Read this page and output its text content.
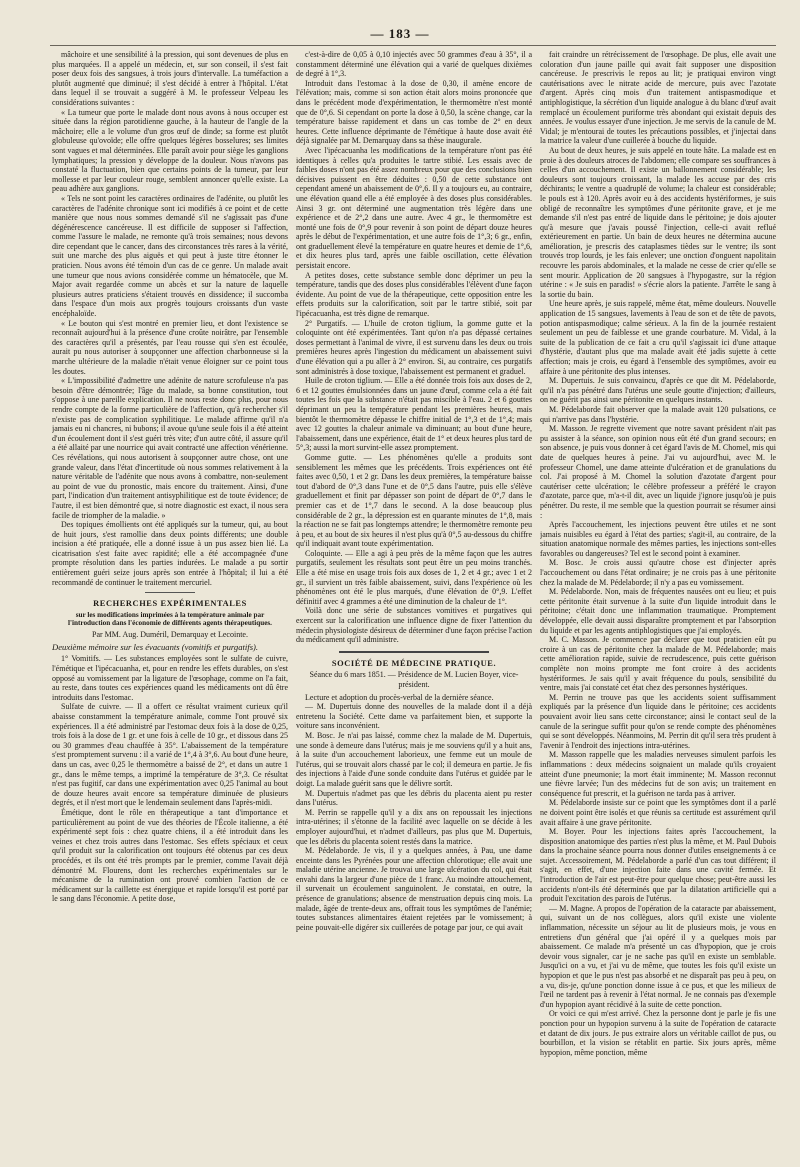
— 183 —

mâchoire et une sensibilité à la pression, qui sont devenues de plus en plus marquées. Il a appelé un médecin, et, sur son conseil, il s'est fait poser deux fois des sangsues, à trois jours d'intervalle. La tuméfaction a plutôt augmenté que diminué; il s'est décidé à entrer à l'hôpital. L'état dans lequel il se trouvait a suggéré à M. le professeur Velpeau les considérations suivantes :

« La tumeur que porte le malade dont nous avons à nous occuper est située dans la région parotidienne gauche, à la hauteur de l'angle de la mâchoire; elle a le volume d'un gros œuf de dinde; sa forme est plutôt globuleuse qu'ovoïde; elle offre quelques légères bosselures; ses limites sont vagues et mal déterminées. Elle paraît avoir pour siège les ganglions lymphatiques; la pression y développe de la douleur. Nous n'avons pas constaté la fluctuation, bien que certains points de la tumeur, par leur mollesse et par leur couleur rouge, semblent annoncer qu'elle existe. La peau adhère aux ganglions.

« Tels ne sont point les caractères ordinaires de l'adénite, ou plutôt les caractères de l'adénite chronique sont ici modifiés à ce point et de cette manière que nous nous sommes demandé s'il ne s'agissait pas d'une dégénérescence cancéreuse. Il est difficile de supposer si l'affection, comme l'assure le malade, ne remonte qu'à trois semaines; nous devons dire cependant que le cancer, dans des circonstances très rares à la vérité, suit une marche des plus aiguës et qui peut à juste titre étonner le praticien. Nous avons été témoin d'un cas de ce genre. Un malade avait une tumeur que nous avions considérée comme un hématocèle, que M. Major avait regardée comme un abcès et sur la nature de laquelle plusieurs autres praticiens s'étaient trouvés en dissidence; il succomba dans l'espace d'un mois aux progrès toujours croissants d'un vaste encéphaloïde.

« Le bouton qui s'est montré en premier lieu, et dont l'existence se reconnaît aujourd'hui à la présence d'une croûte noirâtre, par l'ensemble des caractères qu'il a présentés, par l'eau rousse qui s'en est écoulée, aurait pu nous autoriser à soupçonner une affection charbonneuse si la marche ultérieure de la maladie n'était venue éloigner sur ce point tous les doutes.

« L'impossibilité d'admettre une adénite de nature scrofuleuse n'a pas besoin d'être démontrée; l'âge du malade, sa bonne constitution, tout s'oppose à une pareille explication. Il ne nous reste donc plus, pour nous rendre compte de la forme particulière de l'affection, qu'à rechercher s'il n'existe pas de complication syphilitique. Le malade affirme qu'il n'a jamais eu ni chancres, ni bubons; il avoue qu'une seule fois il a été atteint d'un écoulement dont il s'est guéri très vite; d'un autre côté, il assure qu'il a été allaité par une nourrice qui avait contracté une affection vénérienne. Ces révélations, qui nous autorisent à soupçonner autre chose, ont une grande valeur, dans l'état d'incertitude où nous sommes relativement à la nature véritable de l'adénite que nous avons à combattre, non-seulement au point de vue du pronostic, mais encore du traitement. Ainsi, d'une part, l'indication d'un traitement antisyphilitique est de toute évidence; de l'autre, il est bien démontré que, si notre diagnostic est exact, il nous sera facile de triompher de la maladie. »

Des topiques émollients ont été appliqués sur la tumeur, qui, au bout de huit jours, s'est ramollie dans deux points différents; une double incision a été pratiquée, elle a donné issue à un pus assez bien lié. La cicatrisation s'est faite avec rapidité; elle a été accompagnée d'une prompte résolution dans les parties indurées. Le malade a pu sortir entièrement guéri seize jours après son entrée à l'hôpital; il lui a été recommandé de continuer le traitement mercuriel.

RECHERCHES EXPÉRIMENTALES
sur les modifications imprimées à la température animale par l'introduction dans l'économie de différents agents thérapeutiques.
Par MM. Aug. Duméril, Demarquay et Lecointe.
Deuxième mémoire sur les évacuants (vomitifs et purgatifs).

1° Vomitifs. — Les substances employées sont le sulfate de cuivre, l'émétique et l'ipécacuanha, et, pour en rendre les effets durables, on s'est opposé au vomissement par la ligature de l'œsophage, comme on l'a fait, au reste, dans toutes ces expériences quand les médicaments ont dû être introduits dans l'estomac.

Sulfate de cuivre. — Il a offert ce résultat vraiment curieux qu'il abaisse constamment la température animale, comme l'ont prouvé six expériences. Il a été administré par l'estomac deux fois à la dose de 0,25, trois fois à la dose de 1 gr. et une fois à celle de 10 gr., et dissous dans 25 ou 30 grammes d'eau chauffée à 35°. L'abaissement de la température s'est promptement survenu : il a varié de 1°,4 à 3°,6. Au bout d'une heure, dans un cas, avec 0,25 le thermomètre a baissé de 2°, et dans un autre 1 gr., dans le même temps, a imprimé la température de 3°,3. Ce résultat n'est pas fugitif, car dans une expérimentation avec 0,25 l'animal au bout de douze heures avait encore sa température diminuée de plusieurs degrés, et il n'est mort que le lendemain seulement dans l'après-midi.

Émétique, dont le rôle en thérapeutique a tant d'importance et particulièrement au point de vue des théories de l'École italienne, a été expérimenté sept fois : chez quatre chiens, il a été introduit dans les veines et chez trois autres dans l'estomac. Ses effets spéciaux et ceux qu'il produit sur la calorification ont toujours été obtenus par ces deux procédés, et ils ont été très prompts par le premier, comme l'avait déjà démontré M. Flourens, dont les recherches expérimentales sur le mécanisme de la rumination ont prouvé combien l'action de ce médicament sur la caillette est énergique et rapide lorsqu'il est porté par le sang dans l'économie. A petite dose,

c'est-à-dire de 0,05 à 0,10 injectés avec 50 grammes d'eau à 35°, il a constamment déterminé une élévation qui a varié de quelques dixièmes de degré à 1°,3.

Introduit dans l'estomac à la dose de 0,30, il amène encore de l'élévation; mais, comme si son action était alors moins prononcée que dans le précédent mode d'expérimentation, le thermomètre n'est monté que de 0°,6. Si cependant on porte la dose à 0,50, la scène change, car la température baisse rapidement et dans un cas tombe de 2° en deux heures. Cette influence déprimante de l'émétique à haute dose avait été déjà signalée par M. Demarquay dans sa thèse inaugurale.

Avec l'ipécacuanha les modifications de la température n'ont pas été identiques à celles qu'a produites le tartre stibié. Les essais avec de faibles doses n'ont pas été assez nombreux pour que des conclusions bien décisives puissent en être déduites : 0,50 de cette substance ont cependant amené un abaissement de 0°,6. Il y a toujours eu, au contraire, une élévation quand elle a été employée à des doses plus considérables. Ainsi 3 gr. ont déterminé une augmentation très légère dans une expérience et de 2°,2 dans une autre. Avec 4 gr., le thermomètre est monté une fois de 0°,9 pour revenir à son point de départ douze heures après le début de l'expérimentation, et une autre fois de 1°,3; 6 gr., enfin, ont graduellement élevé la température en quatre heures et demie de 1°,6, et dix heures plus tard, après une faible oscillation, cette élévation persistait encore.

A petites doses, cette substance semble donc déprimer un peu la température, tandis que des doses plus considérables l'élèvent d'une façon évidente. Au point de vue de la thérapeutique, cette opposition entre les effets produits sur la calorification, soit par le tartre stibié, soit par l'ipécacuanha, est très digne de remarque.

2° Purgatifs. — L'huile de croton tiglium, la gomme gutte et la coloquinte ont été expérimentées. Tant qu'on n'a pas dépassé certaines doses permettant à l'animal de vivre, il est survenu dans les deux ou trois premières heures après l'ingestion du médicament un abaissement suivi d'une élévation qui a pu aller à 2° environ. Si, au contraire, ces purgatifs sont administrés à dose toxique, l'abaissement est permanent et graduel.

Huile de croton tiglium. — Elle a été donnée trois fois aux doses de 2, 6 et 12 gouttes émulsionnées dans un jaune d'œuf, comme cela a été fait toutes les fois que la substance n'était pas miscible à l'eau. 2 et 6 gouttes déprimant un peu la température pendant les premières heures, mais bientôt le thermomètre dépasse le chiffre initial de 1°,3 et de 1°,4; mais avec 12 gouttes la chaleur animale va diminuant; au bout d'une heure, l'abaissement, dans une expérience, était de 1° et deux heures plus tard de 5°,3; aussi la mort survint-elle assez promptement.

Gomme gutte. — Les phénomènes qu'elle a produits sont sensiblement les mêmes que les précédents. Trois expériences ont été faites avec 0,50, 1 et 2 gr. Dans les deux premières, la température baisse tout d'abord de 0°,3 dans l'une et de 0°,5 dans l'autre, puis elle s'élève graduellement et finit par dépasser son point de départ de 0°,7 dans le premier cas et de 1°,7 dans le second. A la dose beaucoup plus considérable de 2 gr., la dépression est en quarante minutes de 1°,8, mais la réaction ne se fait pas longtemps attendre; le thermomètre remonte peu à peu, et au bout de six heures il n'est plus qu'à 0°,5 au-dessous du chiffre qu'il indiquait avant toute expérimentation.

Coloquinte. — Elle a agi à peu près de la même façon que les autres purgatifs, seulement les résultats sont peut être un peu moins tranchés. Elle a été mise en usage trois fois aux doses de 1, 2 et 4 gr.; avec 1 et 2 gr., il survient un très faible abaissement, suivi, dans l'expérience où les phénomènes ont été le plus marqués, d'une élévation de 0°,9. L'effet définitif avec 4 grammes a été une diminution de la chaleur de 1°.

Voilà donc une série de substances vomitives et purgatives qui exercent sur la calorification une influence digne de fixer l'attention du médecin physiologiste désireux de déterminer d'une façon précise l'action du médicament qu'il administre.

SOCIÉTÉ DE MÉDECINE PRATIQUE.
Séance du 6 mars 1851. — Présidence de M. Lucien Boyer, vice-président.

Lecture et adoption du procès-verbal de la dernière séance.

— M. Dupertuis donne des nouvelles de la malade dont il a déjà entretenu la Société. Cette dame va parfaitement bien, et supporte la voiture sans inconvénient.

M. Bosc. Je n'ai pas laissé, comme chez la malade de M. Dupertuis, une sonde à demeure dans l'utérus; mais je me souviens qu'il y a huit ans, à la suite d'un accouchement laborieux, une femme eut un moule de l'utérus, qui se trouvait alors chassé par le col; il demeura en partie. Je fis des injections à l'aide d'une sonde conduite dans l'utérus et guidée par le doigt. La malade guérit sans que le délivre sortît.

M. Dupertuis n'admet pas que les débris du placenta aient pu rester dans l'utérus.

M. Perrin se rappelle qu'il y a dix ans on repoussait les injections intra-utérines; il s'étonne de la facilité avec laquelle on se décide à les employer aujourd'hui, et n'admet d'ailleurs, pas plus que M. Dupertuis, que les débris du placenta soient restés dans la matrice.

M. Pédelaborde. Je vis, il y a quelques années, à Pau, une dame enceinte dans les Pyrénées pour une affection chlorotique; elle avait une maladie utérine ancienne. Je trouvai une large ulcération du col, qui était envahi dans la largeur d'une pièce de 1 franc. Au moindre attouchement, il survenait un écoulement sanguinolent. Je constatai, en outre, la présence de granulations; absence de menstruation depuis cinq mois. La malade, âgée de trente-deux ans, offrait tous les symptômes de l'anémie; toutes substances alimentaires étaient rejetées par le vomissement; à peine pouvait-elle digérer six cuillerées de potage par jour, ce qui avait

fait craindre un rétrécissement de l'œsophage. De plus, elle avait une coloration d'un jaune paille qui avait fait supposer une disposition cancéreuse. Je prescrivis le repos au lit; je pratiquai environ vingt cautérisations avec le nitrate acide de mercure, puis avec l'azotate d'argent. Après cinq mois d'un traitement antispasmodique et antiphlogistique, la sécrétion d'un liquide analogue à du blanc d'œuf avait remplacé un écoulement puriforme très abondant qui existait depuis des années. Je voulus essayer d'une injection. Je me servis de la canule de M. Vidal; je m'entourai de toutes les précautions possibles, et j'injectai dans la matrice la valeur d'une cuillerée à bouche du liquide.

Au bout de deux heures, je suis appelé en toute hâte. La malade est en proie à des douleurs atroces de l'abdomen; elle compare ses souffrances à celles d'un accouchement. Il existe un ballonnement considérable; les douleurs sont toujours croissant, la malade les accuse par des cris déchirants; le ventre a quadruplé de volume; la chaleur est considérable; le pouls est à 120. Après avoir eu à des accidents hystériformes, je suis obligé de reconnaître les symptômes d'une péritonite grave, et je me demande s'il n'est pas entré de liquide dans le péritoine; je dois ajouter qu'à mesure que j'avais poussé l'injection, celle-ci avait reflué extérieurement en partie. Un bain de deux heures ne détermina aucune amélioration, je prescris des cataplasmes tièdes sur le ventre; ils sont trouvés trop lourds, je les fais enlever; une onction d'onguent napolitain recouvre les parois abdominales, et la malade ne cesse de crier qu'elle se sent mourir. Application de 20 sangsues à l'hypogastre, sur la région utérine : « Je suis en paradis! » s'écrie alors la patiente. J'arrête le sang à la sortie du bain.

Une heure après, je suis rappelé, même état, même douleurs. Nouvelle application de 15 sangsues, lavements à l'eau de son et de tête de pavots, potion antispasmodique; calme sérieux. A la fin de la journée restaient seulement un peu de faiblesse et une grande courbature. M. Vidal, à la suite de la publication de ce fait a cru qu'il s'agissait ici d'une attaque d'hystérie, d'autant plus que ma malade avait été jadis sujette à cette affection; mais je crois, eu égard à l'ensemble des symptômes, avoir eu affaire à une péritonite des plus intenses.

M. Dupertuis. Je suis convaincu, d'après ce que dit M. Pédelaborde, qu'il n'a pas pénétré dans l'utérus une seule goutte d'injection; d'ailleurs, on ne guérit pas ainsi une péritonite en quelques instants.

M. Pédelaborde fait observer que la malade avait 120 pulsations, ce qui n'arrive pas dans l'hystérie.

M. Masson. Je regrette vivement que notre savant président n'ait pas pu assister à la séance, son opinion nous eût été d'un grand secours; en son absence, je puis vous donner à cet égard l'avis de M. Chomel, mis qui date de quelques heures à peine. J'ai vu aujourd'hui, avec M. le professeur Chomel, une dame atteinte d'ulcération et de granulations du col. J'ai proposé à M. Chomel la solution d'azotate d'argent pour cautériser cette ulcération; le célèbre professeur a préféré le crayon d'azotate, parce que, m'a-t-il dit, avec un liquide j'ignore jusqu'où je puis pénétrer. Du reste, il me semble que la question pourrait se résumer ainsi :

Après l'accouchement, les injections peuvent être utiles et ne sont jamais nuisibles eu égard à l'état des parties; s'agit-il, au contraire, de la situation anatomique normale des mêmes parties, les injections sont-elles favorables ou dangereuses? Tel est le second point à examiner.

M. Bosc. Je crois aussi qu'autre chose est d'injecter après l'accouchement ou dans l'état ordinaire; je ne crois pas à une péritonite chez la malade de M. Pédelaborde; il n'y a pas eu vomissement.

M. Pédelaborde. Non, mais de fréquentes nausées ont eu lieu; et puis cette péritonite était survenue à la suite d'un liquide introduit dans le péritoine; c'était donc une inflammation traumatique. Promptement développée, elle devait aussi disparaître promptement et par l'absorption du liquide et par les agents antiphlogistiques que j'ai employés.

M. C. Masson. Je commence par déclarer que tout praticien eût pu croire à un cas de péritonite chez la malade de M. Pédelaborde; mais cette amélioration rapide, suivie de recrudescence, puis cette guérison complète non moins prompte me font croire à des accidents hystériformes. Je sais qu'il y avait fréquence du pouls, sensibilité du ventre, mais j'ai constaté cet état chez des personnes hystériques.

M. Perrin ne trouve pas que les accidents soient suffisamment expliqués par la présence d'un liquide dans le péritoine; ces accidents pouvaient avoir lieu sans cette circonstance; ainsi le contact seul de la canule de la seringue suffit pour qu'on se rende compte des phénomènes qui se sont développés. Néanmoins, M. Perrin dit qu'il sera très prudent à l'avenir à l'endroit des injections intra-utérines.

M. Masson rappelle que les maladies nerveuses simulent parfois les inflammations : deux médecins soignaient un malade qu'ils croyaient atteint d'une pneumonie; la mort était imminente; M. Masson reconnut une fièvre larvée; l'un des médecins fut de son avis; un traitement en conséquence fut prescrit, et la guérison ne tarda pas à arriver.

M. Pédelaborde insiste sur ce point que les symptômes dont il a parlé ne doivent point être isolés et que réunis sa certitude est assurément qu'il avait affaire à une grave péritonite.

M. Boyer. Pour les injections faites après l'accouchement, la disposition anatomique des parties n'est plus la même, et M. Paul Dubois dans la prochaine séance pourra nous donner d'utiles enseignements à ce sujet. Accessoirement, M. Pédelaborde a parlé d'un cas tout différent; il s'agit, en effet, d'une injection faite dans une cavité fermée. Et l'introduction de l'air est peut-être pour quelque chose; peut-être aussi les accidents n'ont-ils été déterminés que par la dilatation artificielle qui a produit l'excitation des parois de l'utérus.

— M. Magne. A propos de l'opération de la cataracte par abaissement, qui, suivant un de nos collègues, alors qu'il existe une violente inflammation, nécessite un séjour au lit de plusieurs mois, je vous en entretiens d'un général que j'ai opéré il y a quelques mois par abaissement. Ce malade m'a présenté un cas d'hypopion, que je crois devoir vous signaler, car je ne sache pas qu'il en existe un semblable. Jusqu'ici on a vu, et j'ai vu de même, que toutes les fois qu'il existe un hypopion et que le pus n'est pas absorbé et ne disparaît pas peu à peu, on a vu, dis-je, qu'une ponction donne issue à ce pus, et que les milieux de l'œil ne tardent pas à revenir à l'état normal. Je ne connais pas d'exemple d'un hypopion ayant récidivé à la suite de cette ponction.

Or voici ce qui m'est arrivé. Chez la personne dont je parle je fis une ponction pour un hypopion survenu à la suite de l'opération de cataracte et datant de dix jours. Je pus extraire alors un véritable caillot de pus, ou bourbillon, et la vision se rétablit en partie. Six jours après, même hypopion, même ponction, même
